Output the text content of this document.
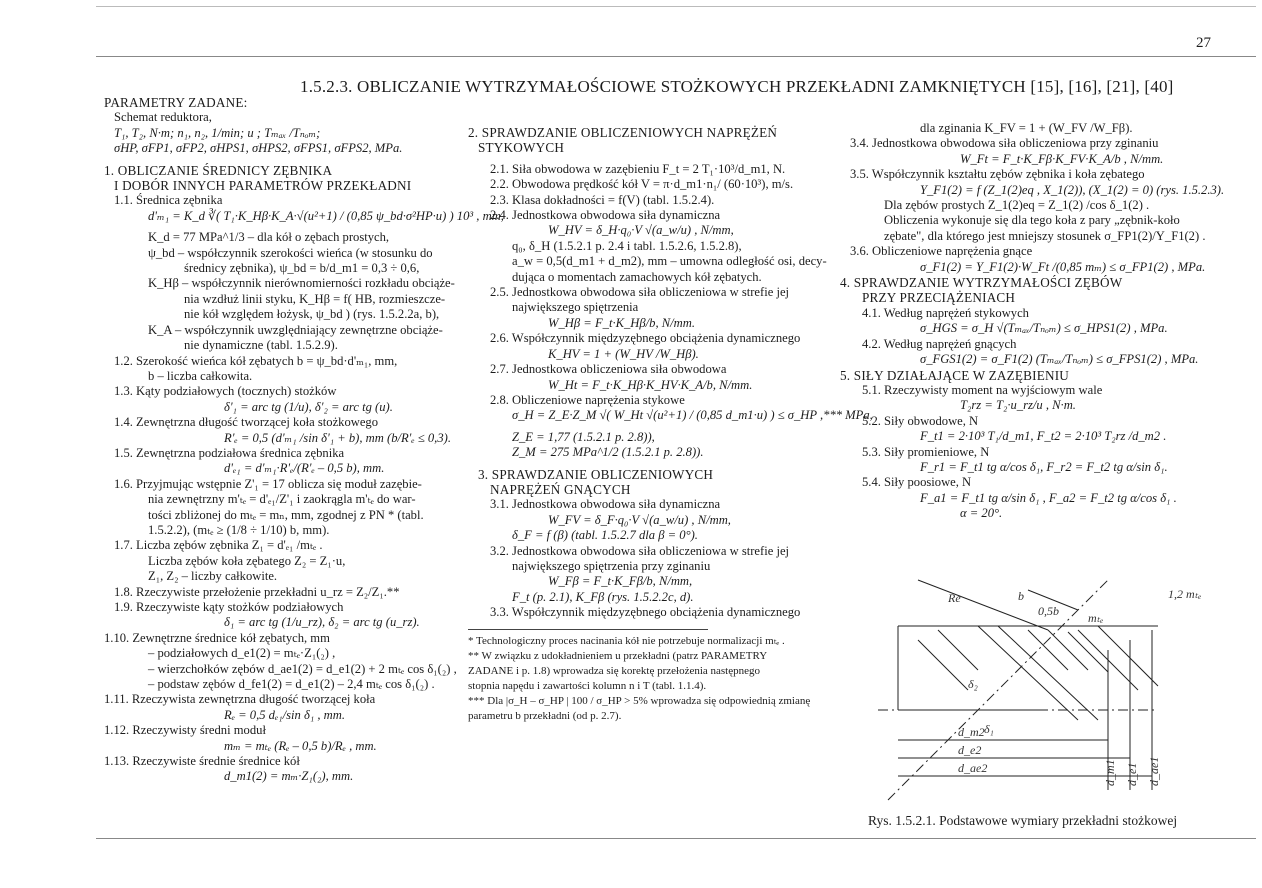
27
1.5.2.3. OBLICZANIE WYTRZYMAŁOŚCIOWE STOŻKOWYCH PRZEKŁADNI ZAMKNIĘTYCH [15], [16], [21], [40]
PARAMETRY ZADANE:
Schemat reduktora,
T₁, T₂, N·m; n₁, n₂, 1/min; u ; Tₘₐₓ /Tₙₒₘ;
σHP, σFP1, σFP2, σHPS1, σHPS2, σFPS1, σFPS2, MPa.
1. OBLICZANIE ŚREDNICY ZĘBNIKA
I DOBÓR INNYCH PARAMETRÓW PRZEKŁADNI
1.1. Średnica zębnika
d'ₘ₁ = K_d ∛( T₁·K_Hβ·K_A·√(u²+1) / (0,85 ψ_bd·σ²HP·u) ) 10³ , mm,
K_d = 77 MPa^1/3 – dla kół o zębach prostych,
ψ_bd – współczynnik szerokości wieńca (w stosunku do
średnicy zębnika), ψ_bd = b/d_m1 = 0,3 ÷ 0,6,
K_Hβ – współczynnik nierównomierności rozkładu obciąże-
nia wzdłuż linii styku, K_Hβ = f( HB, rozmieszcze-
nie kół względem łożysk, ψ_bd ) (rys. 1.5.2.2a, b),
K_A – współczynnik uwzględniający zewnętrzne obciąże-
nie dynamiczne (tabl. 1.5.2.9).
1.2. Szerokość wieńca kół zębatych b = ψ_bd·d'ₘ₁, mm,
b – liczba całkowita.
1.3. Kąty podziałowych (tocznych) stożków
δ'₁ = arc tg (1/u), δ'₂ = arc tg (u).
1.4. Zewnętrzna długość tworzącej koła stożkowego
R'ₑ = 0,5 (d'ₘ₁ /sin δ'₁ + b), mm (b/R'ₑ ≤ 0,3).
1.5. Zewnętrzna podziałowa średnica zębnika
d'ₑ₁ = d'ₘ₁·R'ₑ/(R'ₑ – 0,5 b), mm.
1.6. Przyjmując wstępnie Z'₁ = 17 oblicza się moduł zazębie-
nia zewnętrzny m'ₜₑ = d'ₑ₁/Z'₁ i zaokrągla m'ₜₑ do war-
tości zbliżonej do mₜₑ = mₙ, mm, zgodnej z PN * (tabl.
1.5.2.2), (mₜₑ ≥ (1/8 ÷ 1/10) b, mm).
1.7. Liczba zębów zębnika Z₁ = d'ₑ₁ /mₜₑ .
Liczba zębów koła zębatego Z₂ = Z₁·u,
Z₁, Z₂ – liczby całkowite.
1.8. Rzeczywiste przełożenie przekładni u_rz = Z₂/Z₁.**
1.9. Rzeczywiste kąty stożków podziałowych
δ₁ = arc tg (1/u_rz), δ₂ = arc tg (u_rz).
1.10. Zewnętrzne średnice kół zębatych, mm
– podziałowych d_e1(2) = mₜₑ·Z₁(₂) ,
– wierzchołków zębów d_ae1(2) = d_e1(2) + 2 mₜₑ cos δ₁(₂) ,
– podstaw zębów d_fe1(2) = d_e1(2) – 2,4 mₜₑ cos δ₁(₂) .
1.11. Rzeczywista zewnętrzna długość tworzącej koła
Rₑ = 0,5 dₑ₁/sin δ₁ , mm.
1.12. Rzeczywisty średni moduł
mₘ = mₜₑ (Rₑ – 0,5 b)/Rₑ , mm.
1.13. Rzeczywiste średnie średnice kół
d_m1(2) = mₘ·Z₁(₂), mm.
2. SPRAWDZANIE OBLICZENIOWYCH NAPRĘŻEŃ
STYKOWYCH
2.1. Siła obwodowa w zazębieniu F_t = 2 T₁·10³/d_m1, N.
2.2. Obwodowa prędkość kół V = π·d_m1·n₁/ (60·10³), m/s.
2.3. Klasa dokładności = f(V) (tabl. 1.5.2.4).
2.4. Jednostkowa obwodowa siła dynamiczna
W_HV = δ_H·q₀·V √(a_w/u) , N/mm,
q₀, δ_H (1.5.2.1 p. 2.4 i tabl. 1.5.2.6, 1.5.2.8),
a_w = 0,5(d_m1 + d_m2), mm – umowna odległość osi, decy-
dująca o momentach zamachowych kół zębatych.
2.5. Jednostkowa obwodowa siła obliczeniowa w strefie jej
największego spiętrzenia
W_Hβ = F_t·K_Hβ/b, N/mm.
2.6. Współczynnik międzyzębnego obciążenia dynamicznego
K_HV = 1 + (W_HV /W_Hβ).
2.7. Jednostkowa obliczeniowa siła obwodowa
W_Ht = F_t·K_Hβ·K_HV·K_A/b, N/mm.
2.8. Obliczeniowe naprężenia stykowe
σ_H = Z_E·Z_M √( W_Ht √(u²+1) / (0,85 d_m1·u) ) ≤ σ_HP ,*** MPa,
Z_E = 1,77 (1.5.2.1 p. 2.8)),
Z_M = 275 MPa^1/2 (1.5.2.1 p. 2.8)).
3. SPRAWDZANIE OBLICZENIOWYCH
NAPRĘŻEŃ GNĄCYCH
3.1. Jednostkowa obwodowa siła dynamiczna
W_FV = δ_F·q₀·V √(a_w/u) , N/mm,
δ_F = f (β) (tabl. 1.5.2.7 dla β = 0°).
3.2. Jednostkowa obwodowa siła obliczeniowa w strefie jej
największego spiętrzenia przy zginaniu
W_Fβ = F_t·K_Fβ/b, N/mm,
F_t (p. 2.1), K_Fβ (rys. 1.5.2.2c, d).
3.3. Współczynnik międzyzębnego obciążenia dynamicznego
* Technologiczny proces nacinania kół nie potrzebuje normalizacji mₜₑ .
** W związku z udokładnieniem u przekładni (patrz PARAMETRY
ZADANE i p. 1.8) wprowadza się korektę przełożenia następnego
stopnia napędu i zawartości kolumn n i T (tabl. 1.1.4).
*** Dla |σ_H – σ_HP | 100 / σ_HP > 5% wprowadza się odpowiednią zmianę
parametru b przekładni (od p. 2.7).
dla zginania K_FV = 1 + (W_FV /W_Fβ).
3.4. Jednostkowa obwodowa siła obliczeniowa przy zginaniu
W_Ft = F_t·K_Fβ·K_FV·K_A/b , N/mm.
3.5. Współczynnik kształtu zębów zębnika i koła zębatego
Y_F1(2) = f (Z_1(2)eq , X_1(2)), (X_1(2) = 0) (rys. 1.5.2.3).
Dla zębów prostych Z_1(2)eq = Z_1(2) /cos δ_1(2) .
Obliczenia wykonuje się dla tego koła z pary „zębnik-koło
zębate", dla którego jest mniejszy stosunek σ_FP1(2)/Y_F1(2) .
3.6. Obliczeniowe naprężenia gnące
σ_F1(2) = Y_F1(2)·W_Ft /(0,85 mₘ) ≤ σ_FP1(2) , MPa.
4. SPRAWDZANIE WYTRZYMAŁOŚCI ZĘBÓW
PRZY PRZECIĄŻENIACH
4.1. Według naprężeń stykowych
σ_HGS = σ_H √(Tₘₐₓ/Tₙₒₘ) ≤ σ_HPS1(2) , MPa.
4.2. Według naprężeń gnących
σ_FGS1(2) = σ_F1(2) (Tₘₐₓ/Tₙₒₘ) ≤ σ_FPS1(2) , MPa.
5. SIŁY DZIAŁAJĄCE W ZAZĘBIENIU
5.1. Rzeczywisty moment na wyjściowym wale
T₂rz = T₂·u_rz/u , N·m.
5.2. Siły obwodowe, N
F_t1 = 2·10³ T₁/d_m1, F_t2 = 2·10³ T₂rz /d_m2 .
5.3. Siły promieniowe, N
F_r1 = F_t1 tg α/cos δ₁, F_r2 = F_t2 tg α/sin δ₁.
5.4. Siły poosiowe, N
F_a1 = F_t1 tg α/sin δ₁ , F_a2 = F_t2 tg α/cos δ₁ .
α = 20°.
Re	b
0,5b mₜₑ
1,2 mₜₑ
δ₂
δ₁
d_m2
d_e2
d_ae2	d_m1 d_e1 d_ae1
Rys. 1.5.2.1. Podstawowe wymiary przekładni stożkowej
